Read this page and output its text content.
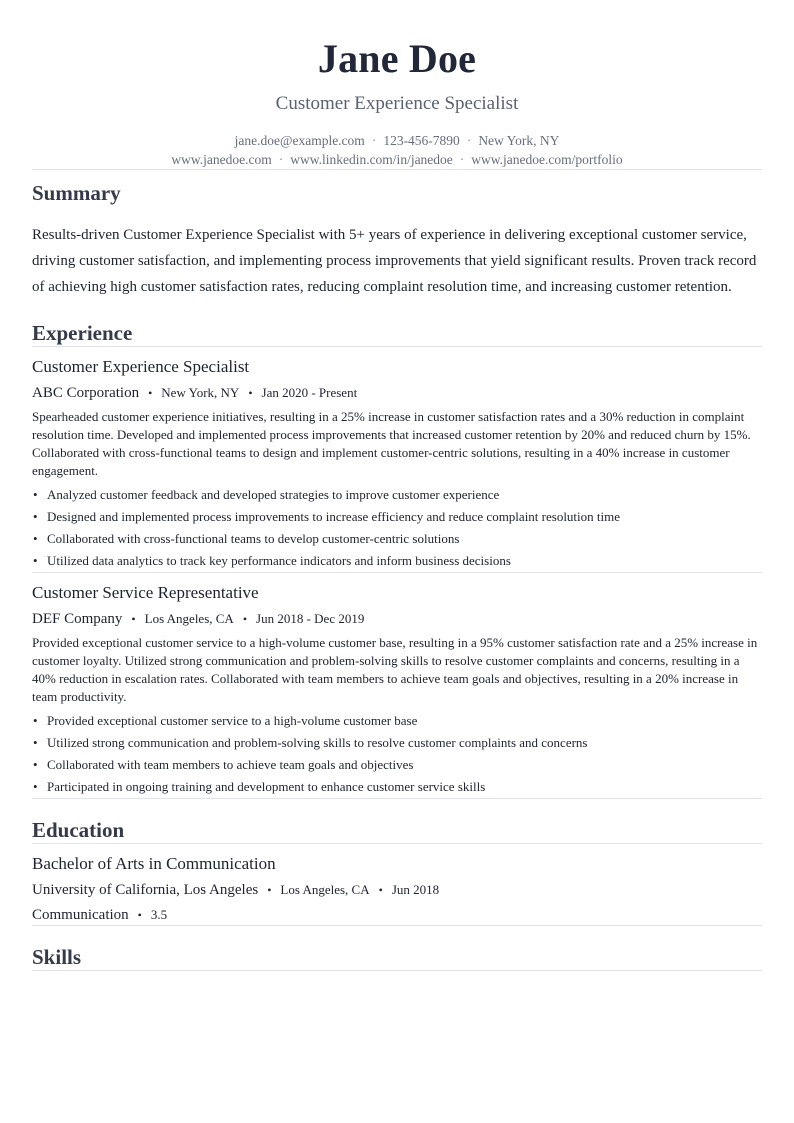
Jane Doe
Customer Experience Specialist
jane.doe@example.com · 123-456-7890 · New York, NY
www.janedoe.com · www.linkedin.com/in/janedoe · www.janedoe.com/portfolio
Summary
Results-driven Customer Experience Specialist with 5+ years of experience in delivering exceptional customer service, driving customer satisfaction, and implementing process improvements that yield significant results. Proven track record of achieving high customer satisfaction rates, reducing complaint resolution time, and increasing customer retention.
Experience
Customer Experience Specialist
ABC Corporation • New York, NY • Jan 2020 - Present
Spearheaded customer experience initiatives, resulting in a 25% increase in customer satisfaction rates and a 30% reduction in complaint resolution time. Developed and implemented process improvements that increased customer retention by 20% and reduced churn by 15%. Collaborated with cross-functional teams to design and implement customer-centric solutions, resulting in a 40% increase in customer engagement.
• Analyzed customer feedback and developed strategies to improve customer experience
• Designed and implemented process improvements to increase efficiency and reduce complaint resolution time
• Collaborated with cross-functional teams to develop customer-centric solutions
• Utilized data analytics to track key performance indicators and inform business decisions
Customer Service Representative
DEF Company • Los Angeles, CA • Jun 2018 - Dec 2019
Provided exceptional customer service to a high-volume customer base, resulting in a 95% customer satisfaction rate and a 25% increase in customer loyalty. Utilized strong communication and problem-solving skills to resolve customer complaints and concerns, resulting in a 40% reduction in escalation rates. Collaborated with team members to achieve team goals and objectives, resulting in a 20% increase in team productivity.
• Provided exceptional customer service to a high-volume customer base
• Utilized strong communication and problem-solving skills to resolve customer complaints and concerns
• Collaborated with team members to achieve team goals and objectives
• Participated in ongoing training and development to enhance customer service skills
Education
Bachelor of Arts in Communication
University of California, Los Angeles • Los Angeles, CA • Jun 2018
Communication • 3.5
Skills
